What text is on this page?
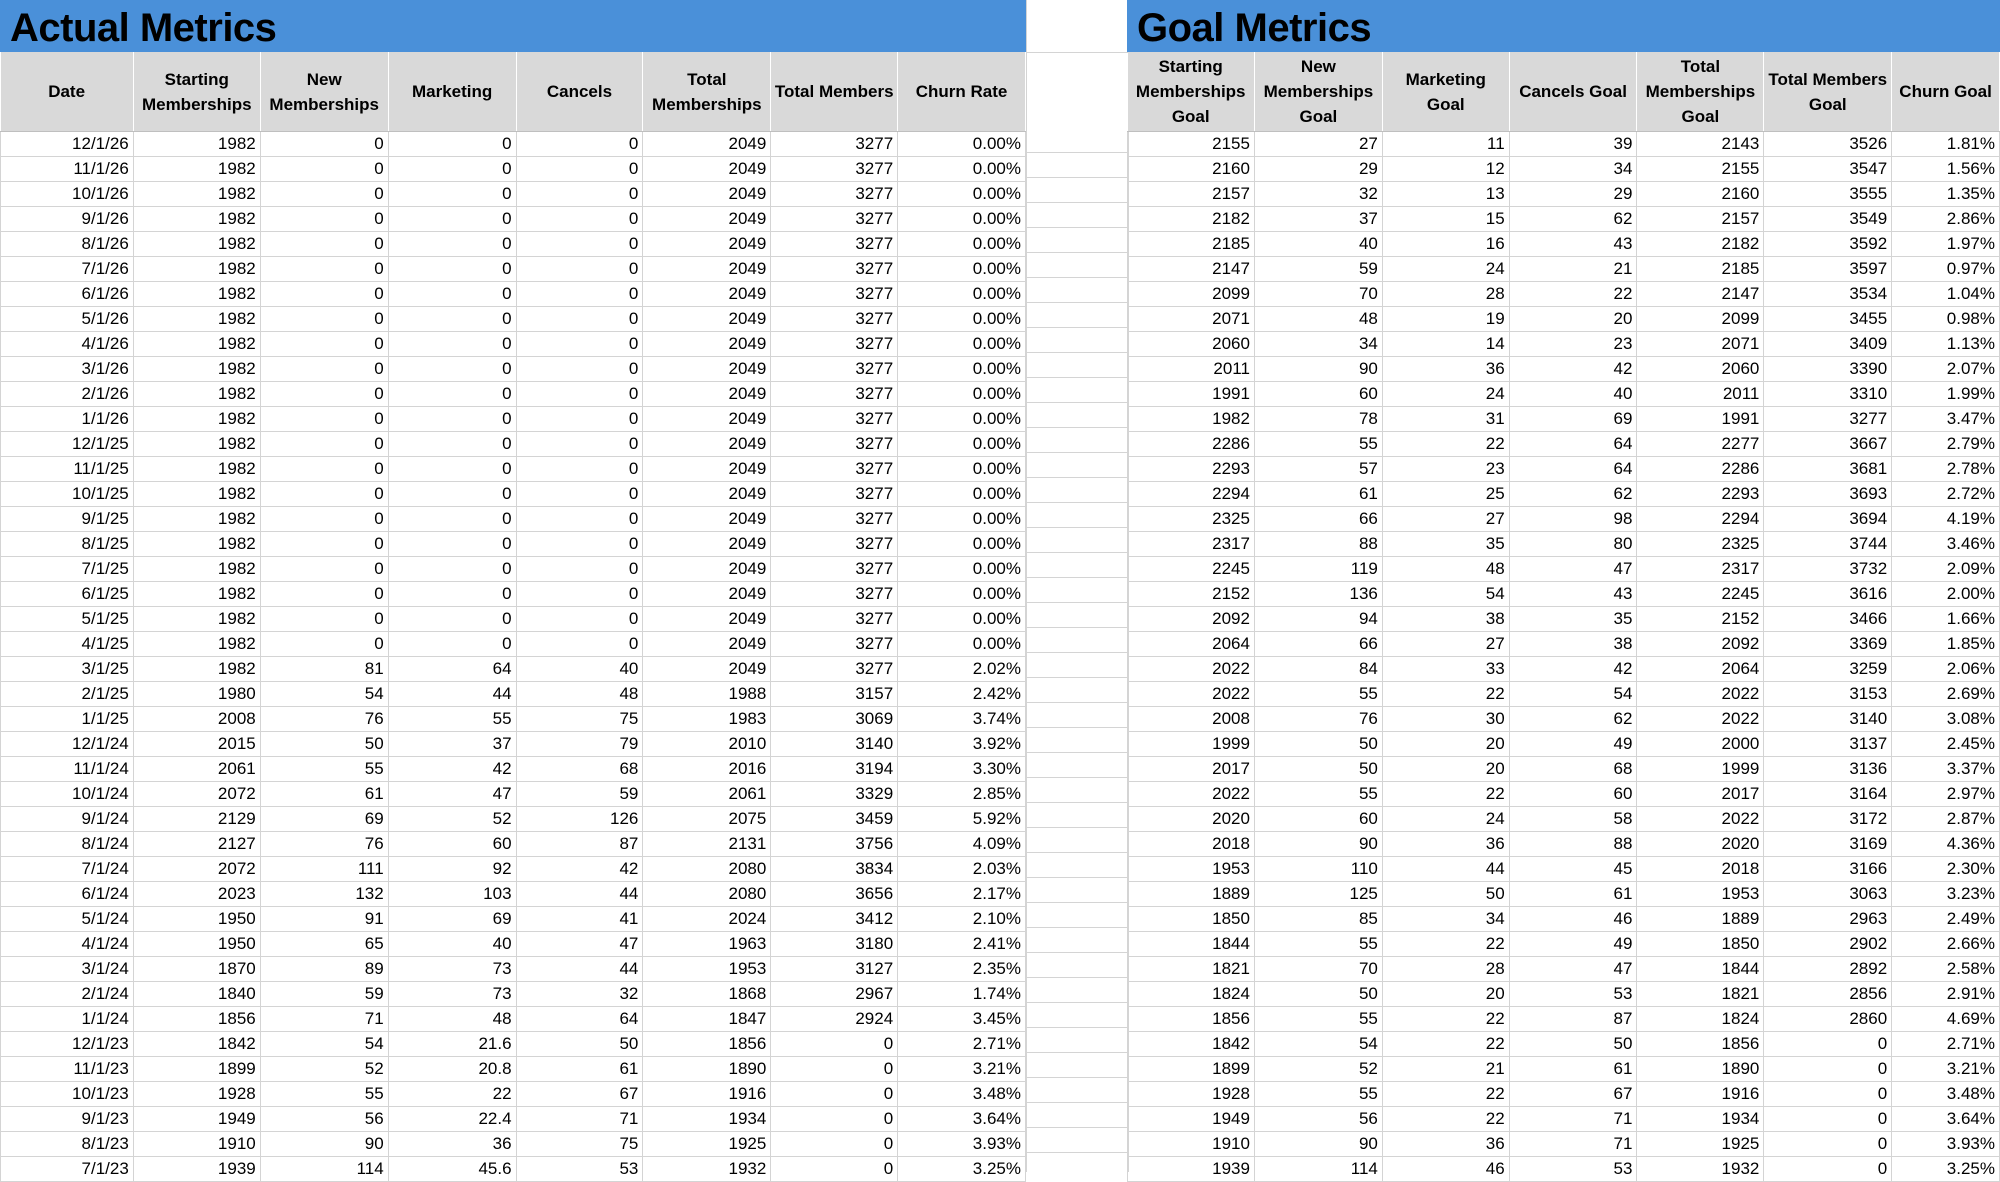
Actual Metrics
Date	Starting Memberships	New Memberships	Marketing	Cancels	Total Memberships	Total Members	Churn Rate
12/1/26	1982	0	0	0	2049	3277	0.00%
11/1/26	1982	0	0	0	2049	3277	0.00%
10/1/26	1982	0	0	0	2049	3277	0.00%
9/1/26	1982	0	0	0	2049	3277	0.00%
8/1/26	1982	0	0	0	2049	3277	0.00%
7/1/26	1982	0	0	0	2049	3277	0.00%
6/1/26	1982	0	0	0	2049	3277	0.00%
5/1/26	1982	0	0	0	2049	3277	0.00%
4/1/26	1982	0	0	0	2049	3277	0.00%
3/1/26	1982	0	0	0	2049	3277	0.00%
2/1/26	1982	0	0	0	2049	3277	0.00%
1/1/26	1982	0	0	0	2049	3277	0.00%
12/1/25	1982	0	0	0	2049	3277	0.00%
11/1/25	1982	0	0	0	2049	3277	0.00%
10/1/25	1982	0	0	0	2049	3277	0.00%
9/1/25	1982	0	0	0	2049	3277	0.00%
8/1/25	1982	0	0	0	2049	3277	0.00%
7/1/25	1982	0	0	0	2049	3277	0.00%
6/1/25	1982	0	0	0	2049	3277	0.00%
5/1/25	1982	0	0	0	2049	3277	0.00%
4/1/25	1982	0	0	0	2049	3277	0.00%
3/1/25	1982	81	64	40	2049	3277	2.02%
2/1/25	1980	54	44	48	1988	3157	2.42%
1/1/25	2008	76	55	75	1983	3069	3.74%
12/1/24	2015	50	37	79	2010	3140	3.92%
11/1/24	2061	55	42	68	2016	3194	3.30%
10/1/24	2072	61	47	59	2061	3329	2.85%
9/1/24	2129	69	52	126	2075	3459	5.92%
8/1/24	2127	76	60	87	2131	3756	4.09%
7/1/24	2072	111	92	42	2080	3834	2.03%
6/1/24	2023	132	103	44	2080	3656	2.17%
5/1/24	1950	91	69	41	2024	3412	2.10%
4/1/24	1950	65	40	47	1963	3180	2.41%
3/1/24	1870	89	73	44	1953	3127	2.35%
2/1/24	1840	59	73	32	1868	2967	1.74%
1/1/24	1856	71	48	64	1847	2924	3.45%
12/1/23	1842	54	21.6	50	1856	0	2.71%
11/1/23	1899	52	20.8	61	1890	0	3.21%
10/1/23	1928	55	22	67	1916	0	3.48%
9/1/23	1949	56	22.4	71	1934	0	3.64%
8/1/23	1910	90	36	75	1925	0	3.93%
7/1/23	1939	114	45.6	53	1932	0	3.25%
Goal Metrics
Starting Memberships Goal	New Memberships Goal	Marketing Goal	Cancels Goal	Total Memberships Goal	Total Members Goal	Churn Goal
2155	27	11	39	2143	3526	1.81%
2160	29	12	34	2155	3547	1.56%
2157	32	13	29	2160	3555	1.35%
2182	37	15	62	2157	3549	2.86%
2185	40	16	43	2182	3592	1.97%
2147	59	24	21	2185	3597	0.97%
2099	70	28	22	2147	3534	1.04%
2071	48	19	20	2099	3455	0.98%
2060	34	14	23	2071	3409	1.13%
2011	90	36	42	2060	3390	2.07%
1991	60	24	40	2011	3310	1.99%
1982	78	31	69	1991	3277	3.47%
2286	55	22	64	2277	3667	2.79%
2293	57	23	64	2286	3681	2.78%
2294	61	25	62	2293	3693	2.72%
2325	66	27	98	2294	3694	4.19%
2317	88	35	80	2325	3744	3.46%
2245	119	48	47	2317	3732	2.09%
2152	136	54	43	2245	3616	2.00%
2092	94	38	35	2152	3466	1.66%
2064	66	27	38	2092	3369	1.85%
2022	84	33	42	2064	3259	2.06%
2022	55	22	54	2022	3153	2.69%
2008	76	30	62	2022	3140	3.08%
1999	50	20	49	2000	3137	2.45%
2017	50	20	68	1999	3136	3.37%
2022	55	22	60	2017	3164	2.97%
2020	60	24	58	2022	3172	2.87%
2018	90	36	88	2020	3169	4.36%
1953	110	44	45	2018	3166	2.30%
1889	125	50	61	1953	3063	3.23%
1850	85	34	46	1889	2963	2.49%
1844	55	22	49	1850	2902	2.66%
1821	70	28	47	1844	2892	2.58%
1824	50	20	53	1821	2856	2.91%
1856	55	22	87	1824	2860	4.69%
1842	54	22	50	1856	0	2.71%
1899	52	21	61	1890	0	3.21%
1928	55	22	67	1916	0	3.48%
1949	56	22	71	1934	0	3.64%
1910	90	36	71	1925	0	3.93%
1939	114	46	53	1932	0	3.25%
